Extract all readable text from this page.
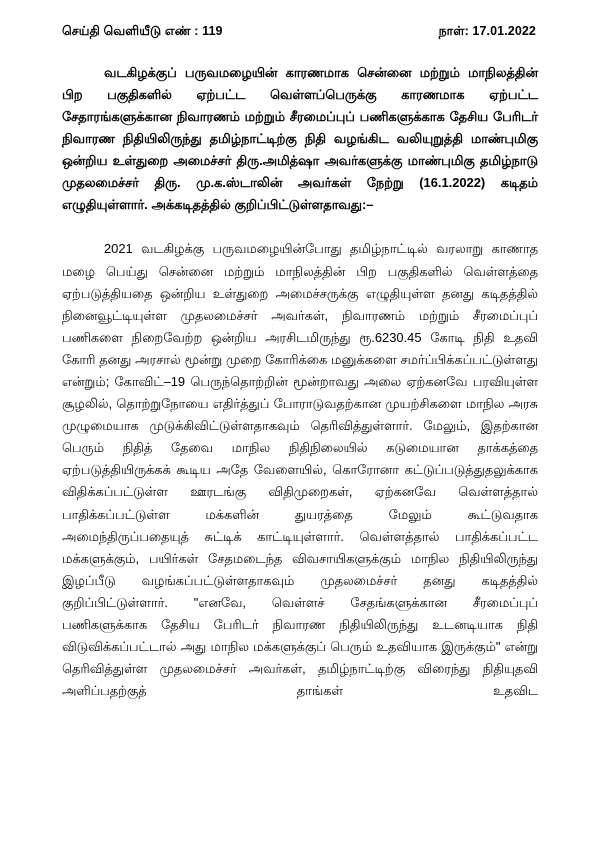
செய்தி வெளியீடு எண் : 119	நாள்: 17.01.2022

வடகிழக்குப் பருவமழையின் காரணமாக சென்னை மற்றும் மாநிலத்தின் பிற பகுதிகளில் ஏற்பட்ட வெள்ளப்பெருக்கு காரணமாக ஏற்பட்ட சேதாரங்களுக்கான நிவாரணம் மற்றும் சீரமைப்புப் பணிகளுக்காக தேசிய பேரிடர் நிவாரண நிதியிலிருந்து தமிழ்நாட்டிற்கு நிதி வழங்கிட வலியுறுத்தி மாண்புமிகு ஒன்றிய உள்துறை அமைச்சர் திரு.அமித்ஷா அவர்களுக்கு மாண்புமிகு தமிழ்நாடு முதலமைச்சர் திரு. மு.க.ஸ்டாலின் அவர்கள் நேற்று (16.1.2022) கடிதம் எழுதியுள்ளார். அக்கடிதத்தில் குறிப்பிட்டுள்ளதாவது:–

2021 வடகிழக்கு பருவமழையின்போது தமிழ்நாட்டில் வரலாறு காணாத மழை பெய்து சென்னை மற்றும் மாநிலத்தின் பிற பகுதிகளில் வெள்ளத்தை ஏற்படுத்தியதை ஒன்றிய உள்துறை அமைச்சருக்கு எழுதியுள்ள தனது கடிதத்தில் நினைவூட்டியுள்ள முதலமைச்சர் அவர்கள், நிவாரணம் மற்றும் சீரமைப்புப் பணிகளை நிறைவேற்ற ஒன்றிய அரசிடமிருந்து ரூ.6230.45 கோடி நிதி உதவி கோரி தனது அரசால் மூன்று முறை கோரிக்கை மனுக்களை சமர்ப்பிக்கப்பட்டுள்ளது என்றும்; கோவிட்–19 பெருந்தொற்றின் மூன்றாவது அலை ஏற்கனவே பரவியுள்ள சூழலில், தொற்றுநோயை எதிர்த்துப் போராடுவதற்கான முயற்சிகளை மாநில அரசு முழுமையாக முடுக்கிவிட்டுள்ளதாகவும் தெரிவித்துள்ளார். மேலும், இதற்கான பெரும் நிதித் தேவை மாநில நிதிநிலையில் கடுமையான தாக்கத்தை ஏற்படுத்தியிருக்கக் கூடிய அதே வேளையில், கொரோனா கட்டுப்படுத்துதலுக்காக விதிக்கப்பட்டுள்ள ஊரடங்கு விதிமுறைகள், ஏற்கனவே வெள்ளத்தால் பாதிக்கப்பட்டுள்ள மக்களின் துயரத்தை மேலும் கூட்டுவதாக அமைந்திருப்பதையுத் சுட்டிக் காட்டியுள்ளார். வெள்ளத்தால் பாதிக்கப்பட்ட மக்களுக்கும், பயிர்கள் சேதமடைந்த விவசாயிகளுக்கும் மாநில நிதியிலிருந்து இழப்பீடு வழங்கப்பட்டுள்ளதாகவும் முதலமைச்சர் தனது கடிதத்தில் குறிப்பிட்டுள்ளார். "எனவே, வெள்ளச் சேதங்களுக்கான சீரமைப்புப் பணிகளுக்காக தேசிய பேரிடர் நிவாரண நிதியிலிருந்து உடனடியாக நிதி விடுவிக்கப்பட்டால் அது மாநில மக்களுக்குப் பெரும் உதவியாக இருக்கும்" என்று தெரிவித்துள்ள முதலமைச்சர் அவர்கள், தமிழ்நாட்டிற்கு விரைந்து நிதியுதவி அளிப்பதற்குத் தாங்கள் உதவிட
